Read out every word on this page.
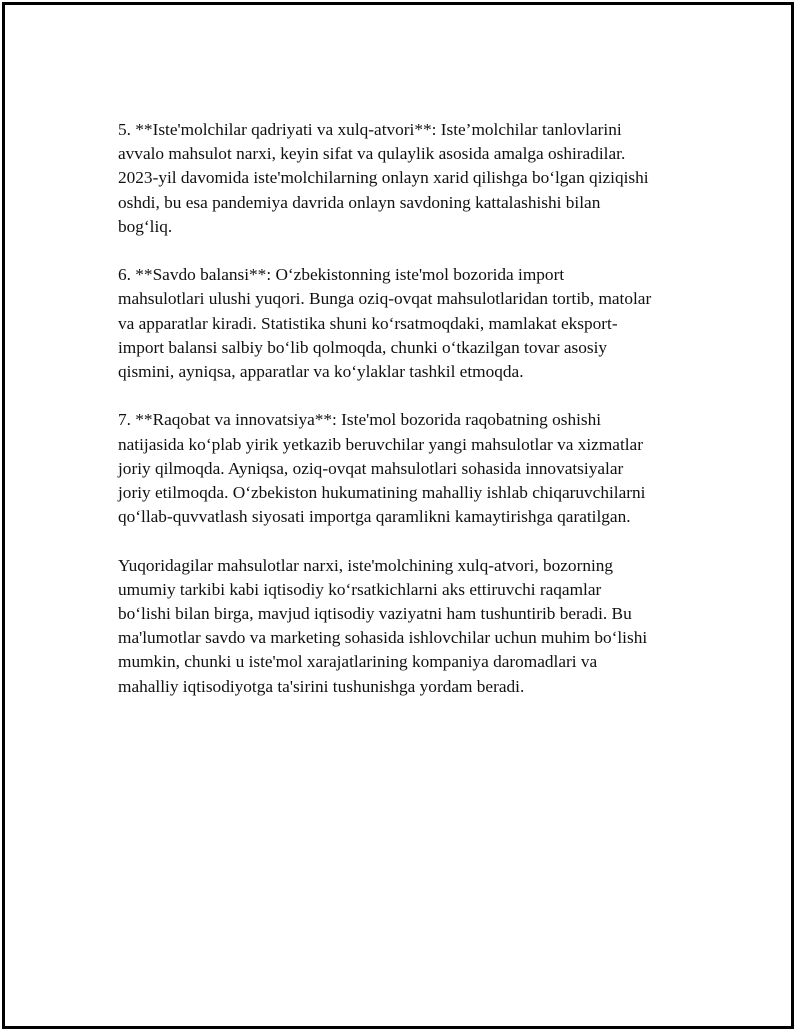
5. **Iste'molchilar qadriyati va xulq-atvori**: Iste’molchilar tanlovlarini
avvalo mahsulot narxi, keyin sifat va qulaylik asosida amalga oshiradilar.
2023-yil davomida iste'molchilarning onlayn xarid qilishga bo‘lgan qiziqishi
oshdi, bu esa pandemiya davrida onlayn savdoning kattalashishi bilan
bog‘liq.

6. **Savdo balansi**: O‘zbekistonning iste'mol bozorida import
mahsulotlari ulushi yuqori. Bunga oziq-ovqat mahsulotlaridan tortib, matolar
va apparatlar kiradi. Statistika shuni ko‘rsatmoqdaki, mamlakat eksport-
import balansi salbiy bo‘lib qolmoqda, chunki o‘tkazilgan tovar asosiy
qismini, ayniqsa, apparatlar va ko‘ylaklar tashkil etmoqda.

7. **Raqobat va innovatsiya**: Iste'mol bozorida raqobatning oshishi
natijasida ko‘plab yirik yetkazib beruvchilar yangi mahsulotlar va xizmatlar
joriy qilmoqda. Ayniqsa, oziq-ovqat mahsulotlari sohasida innovatsiyalar
joriy etilmoqda. O‘zbekiston hukumatining mahalliy ishlab chiqaruvchilarni
qo‘llab-quvvatlash siyosati importga qaramlikni kamaytirishga qaratilgan.

Yuqoridagilar mahsulotlar narxi, iste'molchining xulq-atvori, bozorning
umumiy tarkibi kabi iqtisodiy ko‘rsatkichlarni aks ettiruvchi raqamlar
bo‘lishi bilan birga, mavjud iqtisodiy vaziyatni ham tushuntirib beradi. Bu
ma'lumotlar savdo va marketing sohasida ishlovchilar uchun muhim bo‘lishi
mumkin, chunki u iste'mol xarajatlarining kompaniya daromadlari va
mahalliy iqtisodiyotga ta'sirini tushunishga yordam beradi.
